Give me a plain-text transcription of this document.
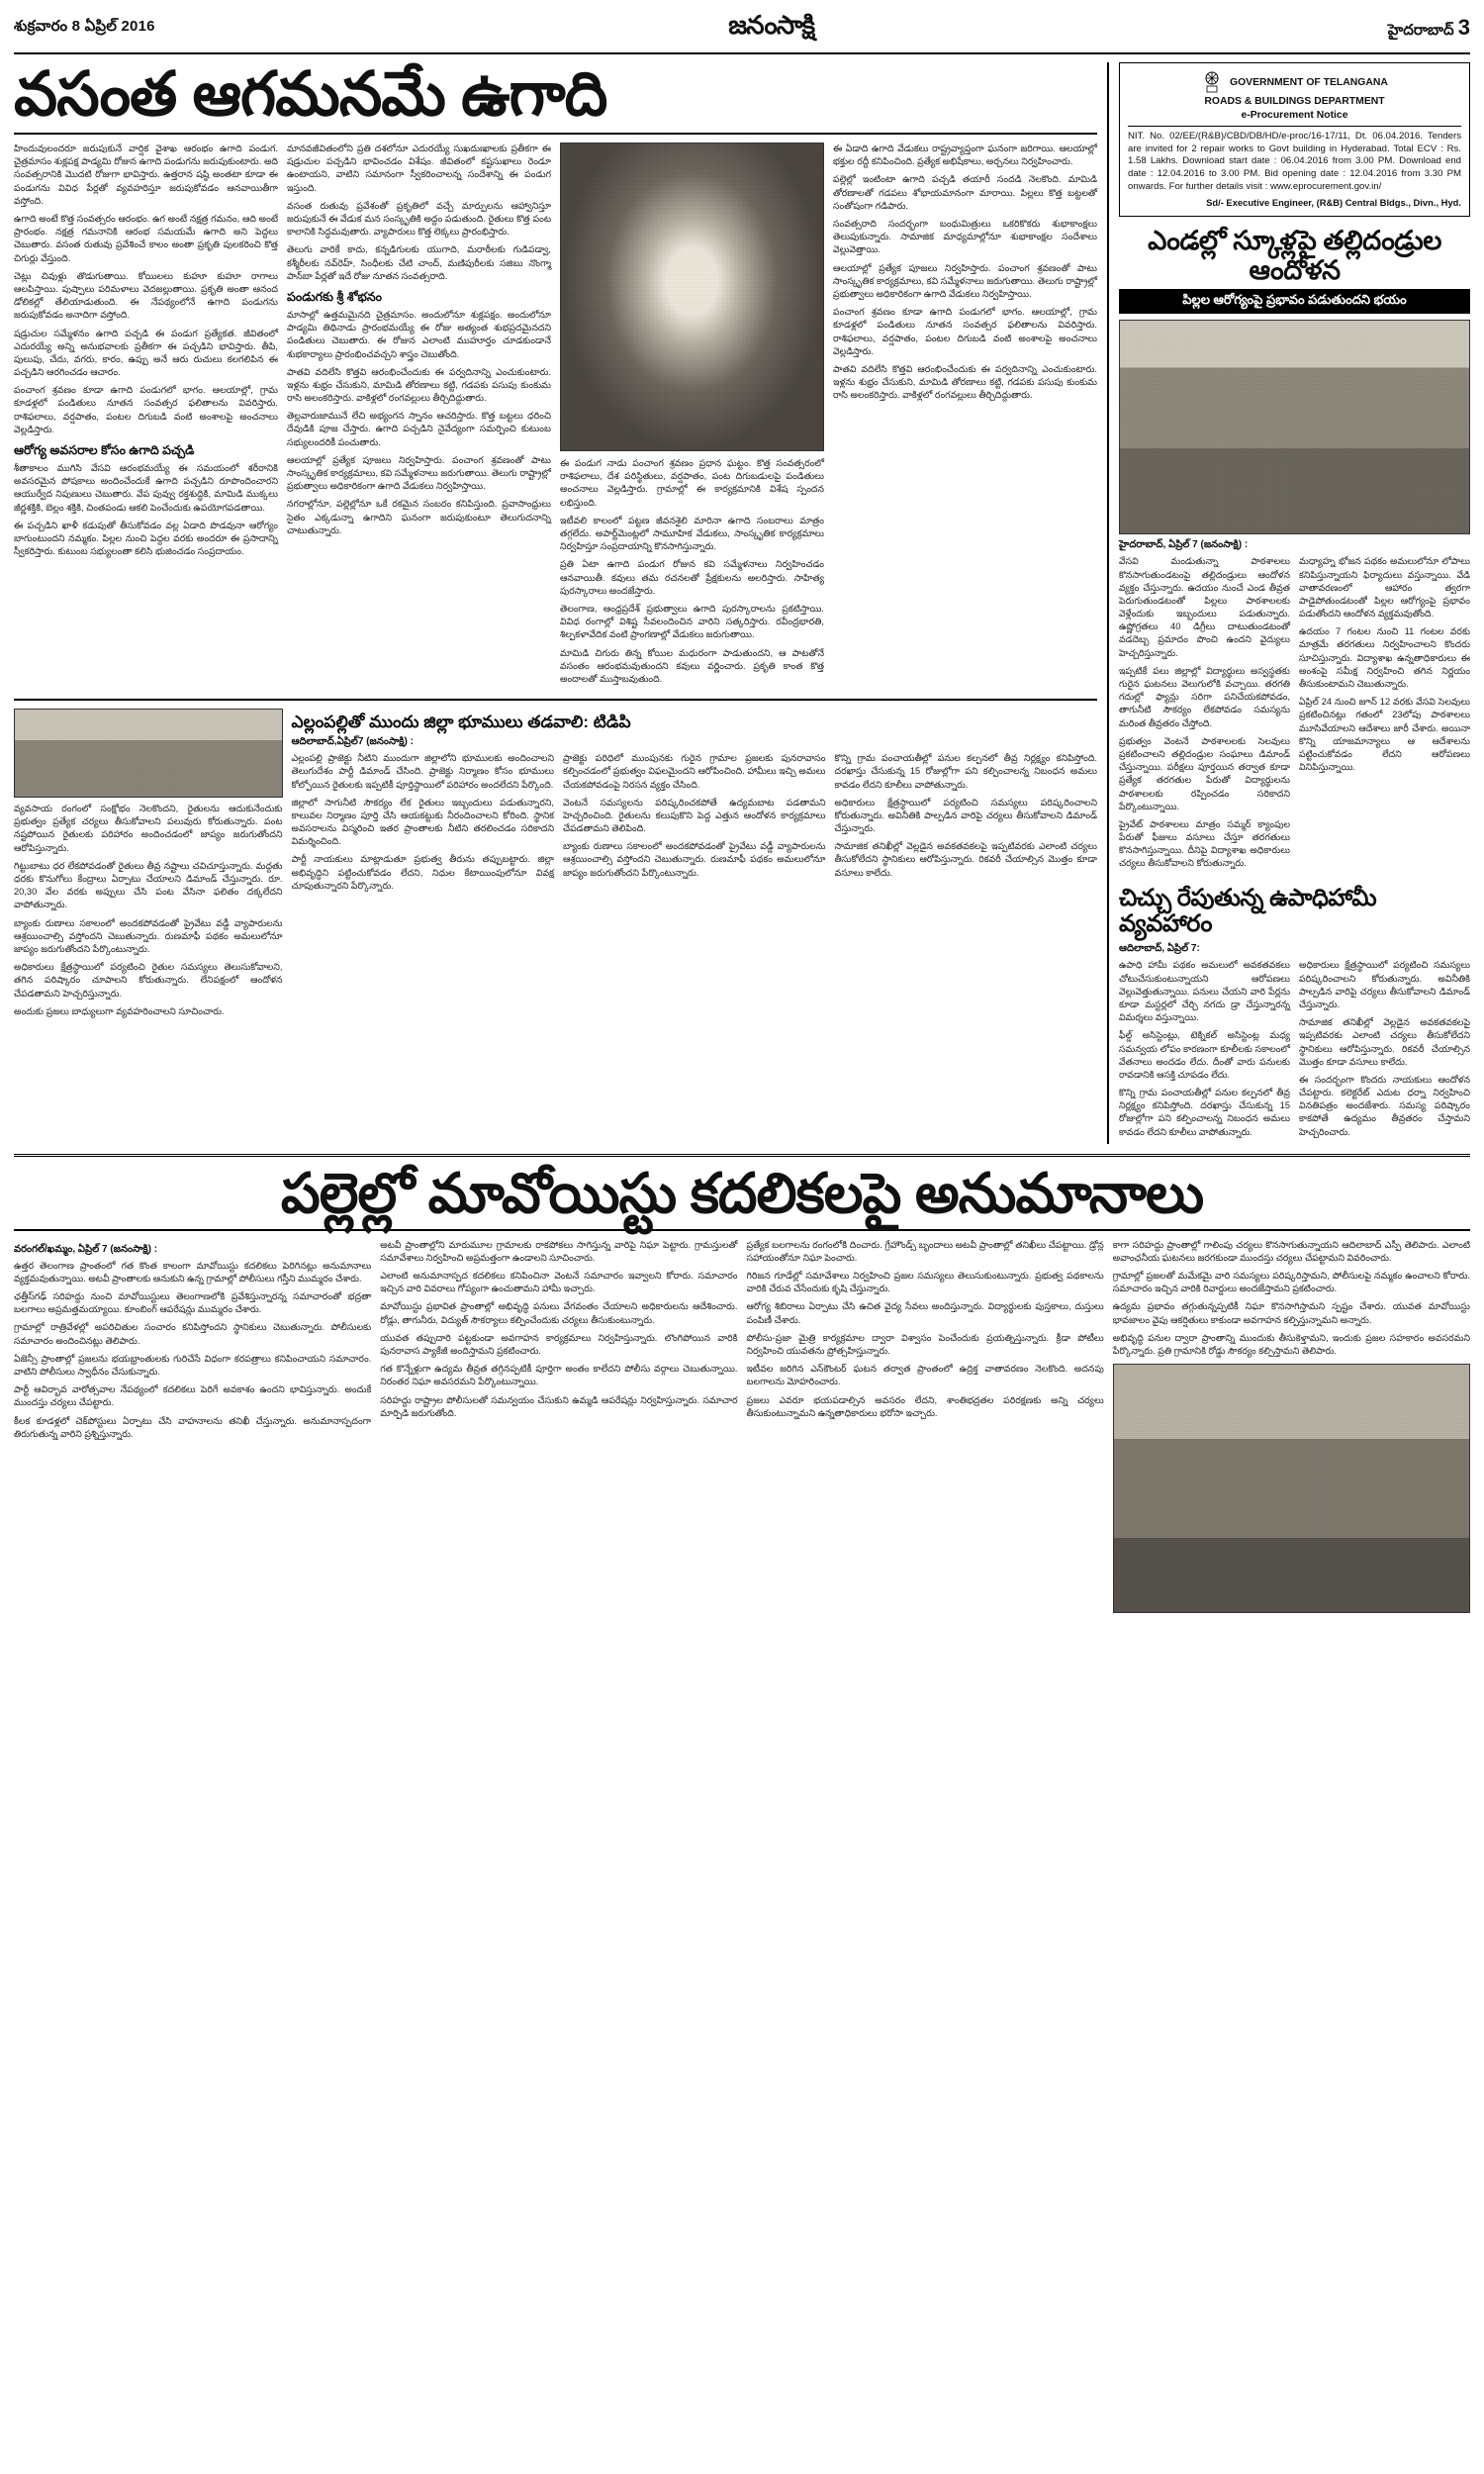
శుక్రవారం 8 ఏప్రిల్ 2016	జనంసాక్షి	హైదరాబాద్ 3
వసంత ఆగమనమే ఉగాది

హిందువులందరూ జరుపుకునే వార్షిక వైశాఖ ఆరంభం ఉగాది పండుగ. చైత్రమాసం శుక్లపక్ష పాడ్యమి రోజున ఉగాది పండుగను జరుపుకుంటారు. అది సంవత్సరానికి మొదటి రోజుగా భావిస్తారు. ఉత్తరాన షష్ఠి అంతటా కూడా ఈ పండుగను వివిధ పేర్లతో వ్యవహరిస్తూ జరుపుకోవడం ఆనవాయితీగా వస్తోంది.

ఉగాది అంటే కొత్త సంవత్సరం ఆరంభం. ఉగ అంటే నక్షత్ర గమనం, ఆది అంటే ప్రారంభం. నక్షత్ర గమనానికి ఆరంభ సమయమే ఉగాది అని పెద్దలు చెబుతారు. వసంత రుతువు ప్రవేశించే కాలం అంతా ప్రకృతి పులకరించి కొత్త చిగుర్లు వేస్తుంది.

చెట్లు చివుళ్లు తొడుగుతాయి. కోయిలలు కుహూ కుహూ రాగాలు ఆలపిస్తాయి. పుష్పాలు పరిమళాలు వెదజల్లుతాయి. ప్రకృతి అంతా ఆనంద డోలికల్లో తేలియాడుతుంది. ఈ నేపథ్యంలోనే ఉగాది పండుగను జరుపుకోవడం అనాదిగా వస్తోంది.

షడ్రుచుల సమ్మేళనం ఉగాది పచ్చడి ఈ పండుగ ప్రత్యేకత. జీవితంలో ఎదురయ్యే అన్ని అనుభవాలకు ప్రతీకగా ఈ పచ్చడిని భావిస్తారు. తీపి, పులుపు, చేదు, వగరు, కారం, ఉప్పు అనే ఆరు రుచులు కలగలిపిన ఈ పచ్చడిని ఆరగించడం ఆచారం.

పంచాంగ శ్రవణం కూడా ఉగాది పండుగలో భాగం. ఆలయాల్లో, గ్రామ కూడళ్లలో పండితులు నూతన సంవత్సర ఫలితాలను వివరిస్తారు. రాశిఫలాలు, వర్షపాతం, పంటల దిగుబడి వంటి అంశాలపై అంచనాలు వెల్లడిస్తారు.

ఆరోగ్య అవసరాల కోసం ఉగాది పచ్చడి

శీతాకాలం ముగిసి వేసవి ఆరంభమయ్యే ఈ సమయంలో శరీరానికి అవసరమైన పోషకాలు అందించేందుకే ఉగాది పచ్చడిని రూపొందించారని ఆయుర్వేద నిపుణులు చెబుతారు. వేప పువ్వు రక్తశుద్ధికి, మామిడి ముక్కలు జీర్ణశక్తికి, బెల్లం శక్తికి, చింతపండు ఆకలి పెంచేందుకు ఉపయోగపడతాయి.

ఈ పచ్చడిని ఖాళీ కడుపుతో తీసుకోవడం వల్ల ఏడాది పొడవునా ఆరోగ్యం బాగుంటుందని నమ్మకం. పిల్లల నుంచి పెద్దల వరకు అందరూ ఈ ప్రసాదాన్ని స్వీకరిస్తారు. కుటుంబ సభ్యులంతా కలిసి భుజించడం సంప్రదాయం.

మానవజీవితంలోని ప్రతి దశలోనూ ఎదురయ్యే సుఖదుఃఖాలకు ప్రతీకగా ఈ షడ్రుచుల పచ్చడిని భావించడం విశేషం. జీవితంలో కష్టసుఖాలు రెండూ ఉంటాయని, వాటిని సమానంగా స్వీకరించాలన్న సందేశాన్ని ఈ పండుగ ఇస్తుంది.

వసంత రుతువు ప్రవేశంతో ప్రకృతిలో వచ్చే మార్పులను ఆహ్వానిస్తూ జరుపుకునే ఈ వేడుక మన సంస్కృతికి అద్దం పడుతుంది. రైతులు కొత్త పంట కాలానికి సిద్ధమవుతారు. వ్యాపారులు కొత్త లెక్కలు ప్రారంభిస్తారు.

తెలుగు వారికే కాదు, కన్నడిగులకు యుగాది, మరాఠీలకు గుడిపడ్వా, కశ్మీరీలకు నవ్‌రెహ్, సింధీలకు చేటి చాంద్, మణిపురీలకు సజిబు నొంగ్మా పాన్‌బా పేర్లతో ఇదే రోజు నూతన సంవత్సరాది.

పండుగకు శ్రీ శోభనం

మాసాల్లో ఉత్తమమైనది చైత్రమాసం. అందులోనూ శుక్లపక్షం. అందులోనూ పాడ్యమి తిథినాడు ప్రారంభమయ్యే ఈ రోజు అత్యంత శుభప్రదమైనదని పండితులు చెబుతారు. ఈ రోజున ఎలాంటి ముహూర్తం చూడకుండానే శుభకార్యాలు ప్రారంభించవచ్చని శాస్త్రం చెబుతోంది.

పాతవి వదిలేసి కొత్తవి ఆరంభించేందుకు ఈ పర్వదినాన్ని ఎంచుకుంటారు. ఇళ్లను శుభ్రం చేసుకుని, మామిడి తోరణాలు కట్టి, గడపకు పసుపు కుంకుమ రాసి అలంకరిస్తారు. వాకిళ్లలో రంగవల్లులు తీర్చిదిద్దుతారు.

తెల్లవారుజామునే లేచి అభ్యంగన స్నానం ఆచరిస్తారు. కొత్త బట్టలు ధరించి దేవుడికి పూజ చేస్తారు. ఉగాది పచ్చడిని నైవేద్యంగా సమర్పించి కుటుంబ సభ్యులందరికీ పంచుతారు.

ఆలయాల్లో ప్రత్యేక పూజలు నిర్వహిస్తారు. పంచాంగ శ్రవణంతో పాటు సాంస్కృతిక కార్యక్రమాలు, కవి సమ్మేళనాలు జరుగుతాయి. తెలుగు రాష్ట్రాల్లో ప్రభుత్వాలు అధికారికంగా ఉగాది వేడుకలు నిర్వహిస్తాయి.

నగరాల్లోనూ, పల్లెల్లోనూ ఒకే రకమైన సంబరం కనిపిస్తుంది. ప్రవాసాంధ్రులు సైతం ఎక్కడున్నా ఉగాదిని ఘనంగా జరుపుకుంటూ తెలుగుదనాన్ని చాటుతున్నారు.

ఈ పండుగ నాడు పంచాంగ శ్రవణం ప్రధాన ఘట్టం. కొత్త సంవత్సరంలో రాశిఫలాలు, దేశ పరిస్థితులు, వర్షపాతం, పంట దిగుబడులపై పండితులు అంచనాలు వెల్లడిస్తారు. గ్రామాల్లో ఈ కార్యక్రమానికి విశేష స్పందన లభిస్తుంది.

ఇటీవలి కాలంలో పట్టణ జీవనశైలి మారినా ఉగాది సంబరాలు మాత్రం తగ్గలేదు. అపార్ట్‌మెంట్లలో సామూహిక వేడుకలు, సాంస్కృతిక కార్యక్రమాలు నిర్వహిస్తూ సంప్రదాయాన్ని కొనసాగిస్తున్నారు.

ప్రతి ఏటా ఉగాది పండుగ రోజున కవి సమ్మేళనాలు నిర్వహించడం ఆనవాయితీ. కవులు తమ రచనలతో ప్రేక్షకులను అలరిస్తారు. సాహిత్య పురస్కారాలు అందజేస్తారు.

తెలంగాణ, ఆంధ్రప్రదేశ్ ప్రభుత్వాలు ఉగాది పురస్కారాలను ప్రకటిస్తాయి. వివిధ రంగాల్లో విశిష్ట సేవలందించిన వారిని సత్కరిస్తారు. రవీంద్రభారతి, శిల్పకళావేదిక వంటి ప్రాంగణాల్లో వేడుకలు జరుగుతాయి.

మామిడి చిగురు తిన్న కోయిల మధురంగా పాడుతుందని, ఆ పాటతోనే వసంతం ఆరంభమవుతుందని కవులు వర్ణించారు. ప్రకృతి కాంత కొత్త అందాలతో ముస్తాబవుతుంది.

ఈ ఏడాది ఉగాది వేడుకలు రాష్ట్రవ్యాప్తంగా ఘనంగా జరిగాయి. ఆలయాల్లో భక్తుల రద్దీ కనిపించింది. ప్రత్యేక అభిషేకాలు, అర్చనలు నిర్వహించారు.

పల్లెల్లో ఇంటింటా ఉగాది పచ్చడి తయారీ సందడి నెలకొంది. మామిడి తోరణాలతో గడపలు శోభాయమానంగా మారాయి. పిల్లలు కొత్త బట్టలతో సంతోషంగా గడిపారు.

సంవత్సరాది సందర్భంగా బంధుమిత్రులు ఒకరికొకరు శుభాకాంక్షలు తెలుపుకున్నారు. సామాజిక మాధ్యమాల్లోనూ శుభాకాంక్షల సందేశాలు వెల్లువెత్తాయి.

ఆలయాల్లో ప్రత్యేక పూజలు నిర్వహిస్తారు. పంచాంగ శ్రవణంతో పాటు సాంస్కృతిక కార్యక్రమాలు, కవి సమ్మేళనాలు జరుగుతాయి. తెలుగు రాష్ట్రాల్లో ప్రభుత్వాలు అధికారికంగా ఉగాది వేడుకలు నిర్వహిస్తాయి.

పంచాంగ శ్రవణం కూడా ఉగాది పండుగలో భాగం. ఆలయాల్లో, గ్రామ కూడళ్లలో పండితులు నూతన సంవత్సర ఫలితాలను వివరిస్తారు. రాశిఫలాలు, వర్షపాతం, పంటల దిగుబడి వంటి అంశాలపై అంచనాలు వెల్లడిస్తారు.

పాతవి వదిలేసి కొత్తవి ఆరంభించేందుకు ఈ పర్వదినాన్ని ఎంచుకుంటారు. ఇళ్లను శుభ్రం చేసుకుని, మామిడి తోరణాలు కట్టి, గడపకు పసుపు కుంకుమ రాసి అలంకరిస్తారు. వాకిళ్లలో రంగవల్లులు తీర్చిదిద్దుతారు.

వ్యవసాయ రంగంలో సంక్షోభం నెలకొందని, రైతులను ఆదుకునేందుకు ప్రభుత్వం ప్రత్యేక చర్యలు తీసుకోవాలని పలువురు కోరుతున్నారు. పంట నష్టపోయిన రైతులకు పరిహారం అందించడంలో జాప్యం జరుగుతోందని ఆరోపిస్తున్నారు.

గిట్టుబాటు ధర లేకపోవడంతో రైతులు తీవ్ర నష్టాలు చవిచూస్తున్నారు. మద్దతు ధరకు కొనుగోలు కేంద్రాలు ఏర్పాటు చేయాలని డిమాండ్ చేస్తున్నారు. రూ. 20,30 వేల వరకు అప్పులు చేసి పంట వేసినా ఫలితం దక్కలేదని వాపోతున్నారు.

బ్యాంకు రుణాలు సకాలంలో అందకపోవడంతో ప్రైవేటు వడ్డీ వ్యాపారులను ఆశ్రయించాల్సి వస్తోందని చెబుతున్నారు. రుణమాఫీ పథకం అమలులోనూ జాప్యం జరుగుతోందని పేర్కొంటున్నారు.

అధికారులు క్షేత్రస్థాయిలో పర్యటించి రైతుల సమస్యలు తెలుసుకోవాలని, తగిన పరిష్కారం చూపాలని కోరుతున్నారు. లేనిపక్షంలో ఆందోళన చేపడతామని హెచ్చరిస్తున్నారు.

అందుకు ప్రజలు బాధ్యులుగా వ్యవహరించాలని సూచించారు.

ఎల్లంపల్లితో ముందు జిల్లా భూములు తడవాలి: టిడిపి
ఆదిలాబాద్,ఏప్రిల్7 (జనంసాక్షి) :

ఎల్లంపల్లి ప్రాజెక్టు నీటిని ముందుగా జిల్లాలోని భూములకు అందించాలని తెలుగుదేశం పార్టీ డిమాండ్ చేసింది. ప్రాజెక్టు నిర్మాణం కోసం భూములు కోల్పోయిన రైతులకు ఇప్పటికీ పూర్తిస్థాయిలో పరిహారం అందలేదని పేర్కొంది.

జిల్లాలో సాగునీటి సౌకర్యం లేక రైతులు ఇబ్బందులు పడుతున్నారని, కాలువల నిర్మాణం పూర్తి చేసి ఆయకట్టుకు నీరందించాలని కోరింది. స్థానిక అవసరాలను విస్మరించి ఇతర ప్రాంతాలకు నీటిని తరలించడం సరికాదని విమర్శించింది.

పార్టీ నాయకులు మాట్లాడుతూ ప్రభుత్వ తీరును తప్పుబట్టారు. జిల్లా అభివృద్ధిని పట్టించుకోవడం లేదని, నిధుల కేటాయింపులోనూ వివక్ష చూపుతున్నారని పేర్కొన్నారు.

ప్రాజెక్టు పరిధిలో ముంపునకు గురైన గ్రామాల ప్రజలకు పునరావాసం కల్పించడంలో ప్రభుత్వం విఫలమైందని ఆరోపించింది. హామీలు ఇచ్చి అమలు చేయకపోవడంపై నిరసన వ్యక్తం చేసింది.

వెంటనే సమస్యలను పరిష్కరించకపోతే ఉద్యమబాట పడతామని హెచ్చరించింది. రైతులను కలుపుకొని పెద్ద ఎత్తున ఆందోళన కార్యక్రమాలు చేపడతామని తెలిపింది.

బ్యాంకు రుణాలు సకాలంలో అందకపోవడంతో ప్రైవేటు వడ్డీ వ్యాపారులను ఆశ్రయించాల్సి వస్తోందని చెబుతున్నారు. రుణమాఫీ పథకం అమలులోనూ జాప్యం జరుగుతోందని పేర్కొంటున్నారు.

కొన్ని గ్రామ పంచాయతీల్లో పనుల కల్పనలో తీవ్ర నిర్లక్ష్యం కనిపిస్తోంది. దరఖాస్తు చేసుకున్న 15 రోజుల్లోగా పని కల్పించాలన్న నిబంధన అమలు కావడం లేదని కూలీలు వాపోతున్నారు.

అధికారులు క్షేత్రస్థాయిలో పర్యటించి సమస్యలు పరిష్కరించాలని కోరుతున్నారు. అవినీతికి పాల్పడిన వారిపై చర్యలు తీసుకోవాలని డిమాండ్ చేస్తున్నారు.

సామాజిక తనిఖీల్లో వెల్లడైన అవకతవకలపై ఇప్పటివరకు ఎలాంటి చర్యలు తీసుకోలేదని స్థానికులు ఆరోపిస్తున్నారు. రికవరీ చేయాల్సిన మొత్తం కూడా వసూలు కాలేదు.

GOVERNMENT OF TELANGANA
ROADS & BUILDINGS DEPARTMENT
e-Procurement Notice

NIT. No. 02/EE/(R&B)/CBD/DB/HD/e-proc/16-17/11, Dt. 06.04.2016. Tenders are invited for 2 repair works to Govt building in Hyderabad. Total ECV : Rs. 1.58 Lakhs. Download start date : 06.04.2016 from 3.00 PM. Download end date : 12.04.2016 to 3.00 PM. Bid opening date : 12.04.2016 from 3.30 PM onwards. For further details visit : www.eprocurement.gov.in/

Sd/- Executive Engineer, (R&B) Central Bldgs., Divn., Hyd.
ఎండల్లో స్కూళ్లపై తల్లిదండ్రుల ఆందోళన
పిల్లల ఆరోగ్యంపై ప్రభావం పడుతుందని భయం
హైదరాబాద్, ఏప్రిల్ 7 (జనంసాక్షి) :

వేసవి మండుతున్నా పాఠశాలలు కొనసాగుతుండటంపై తల్లిదండ్రులు ఆందోళన వ్యక్తం చేస్తున్నారు. ఉదయం నుంచే ఎండ తీవ్రత పెరుగుతుండటంతో పిల్లలు పాఠశాలలకు వెళ్లేందుకు ఇబ్బందులు పడుతున్నారు. ఉష్ణోగ్రతలు 40 డిగ్రీలు దాటుతుండటంతో వడదెబ్బ ప్రమాదం పొంచి ఉందని వైద్యులు హెచ్చరిస్తున్నారు.

ఇప్పటికే పలు జిల్లాల్లో విద్యార్థులు అస్వస్థతకు గురైన ఘటనలు వెలుగులోకి వచ్చాయి. తరగతి గదుల్లో ఫ్యాన్లు సరిగా పనిచేయకపోవడం, తాగునీటి సౌకర్యం లేకపోవడం సమస్యను మరింత తీవ్రతరం చేస్తోంది.

ప్రభుత్వం వెంటనే పాఠశాలలకు సెలవులు ప్రకటించాలని తల్లిదండ్రుల సంఘాలు డిమాండ్ చేస్తున్నాయి. పరీక్షలు పూర్తయిన తర్వాత కూడా ప్రత్యేక తరగతుల పేరుతో విద్యార్థులను పాఠశాలలకు రప్పించడం సరికాదని పేర్కొంటున్నాయి.

ప్రైవేట్ పాఠశాలలు మాత్రం సమ్మర్ క్యాంపుల పేరుతో ఫీజులు వసూలు చేస్తూ తరగతులు కొనసాగిస్తున్నాయి. దీనిపై విద్యాశాఖ అధికారులు చర్యలు తీసుకోవాలని కోరుతున్నారు.

మధ్యాహ్న భోజన పథకం అమలులోనూ లోపాలు కనిపిస్తున్నాయని ఫిర్యాదులు వస్తున్నాయి. వేడి వాతావరణంలో ఆహారం త్వరగా పాడైపోతుండటంతో పిల్లల ఆరోగ్యంపై ప్రభావం పడుతోందని ఆందోళన వ్యక్తమవుతోంది.

ఉదయం 7 గంటల నుంచి 11 గంటల వరకు మాత్రమే తరగతులు నిర్వహించాలని కొందరు సూచిస్తున్నారు. విద్యాశాఖ ఉన్నతాధికారులు ఈ అంశంపై సమీక్ష నిర్వహించి తగిన నిర్ణయం తీసుకుంటామని చెబుతున్నారు.

ఏప్రిల్ 24 నుంచి జూన్ 12 వరకు వేసవి సెలవులు ప్రకటించినట్లు గతంలో 23లోపు పాఠశాలలు మూసివేయాలని ఆదేశాలు జారీ చేశారు. అయినా కొన్ని యాజమాన్యాలు ఆ ఆదేశాలను పట్టించుకోవడం లేదని ఆరోపణలు వినిపిస్తున్నాయి.

చిచ్చు రేపుతున్న ఉపాధిహామీ వ్యవహారం
ఆదిలాబాద్, ఏప్రిల్ 7:

ఉపాధి హామీ పథకం అమలులో అవకతవకలు చోటుచేసుకుంటున్నాయని ఆరోపణలు వెల్లువెత్తుతున్నాయి. పనులు చేయని వారి పేర్లను కూడా మస్టర్లలో చేర్చి నగదు డ్రా చేస్తున్నారన్న విమర్శలు వస్తున్నాయి.

ఫీల్డ్ అసిస్టెంట్లు, టెక్నికల్ అసిస్టెంట్ల మధ్య సమన్వయ లోపం కారణంగా కూలీలకు సకాలంలో వేతనాలు అందడం లేదు. దీంతో వారు పనులకు రావడానికి ఆసక్తి చూపడం లేదు.

కొన్ని గ్రామ పంచాయతీల్లో పనుల కల్పనలో తీవ్ర నిర్లక్ష్యం కనిపిస్తోంది. దరఖాస్తు చేసుకున్న 15 రోజుల్లోగా పని కల్పించాలన్న నిబంధన అమలు కావడం లేదని కూలీలు వాపోతున్నారు.

అధికారులు క్షేత్రస్థాయిలో పర్యటించి సమస్యలు పరిష్కరించాలని కోరుతున్నారు. అవినీతికి పాల్పడిన వారిపై చర్యలు తీసుకోవాలని డిమాండ్ చేస్తున్నారు.

సామాజిక తనిఖీల్లో వెల్లడైన అవకతవకలపై ఇప్పటివరకు ఎలాంటి చర్యలు తీసుకోలేదని స్థానికులు ఆరోపిస్తున్నారు. రికవరీ చేయాల్సిన మొత్తం కూడా వసూలు కాలేదు.

ఈ సందర్భంగా కొందరు నాయకులు ఆందోళన చేపట్టారు. కలెక్టరేట్ ఎదుట ధర్నా నిర్వహించి వినతిపత్రం అందజేశారు. సమస్య పరిష్కారం కాకపోతే ఉద్యమం తీవ్రతరం చేస్తామని హెచ్చరించారు.

పల్లెల్లో మావోయిస్టు కదలికలపై అనుమానాలు
వరంగల్/ఖమ్మం, ఏప్రిల్ 7 (జనంసాక్షి) :

ఉత్తర తెలంగాణ ప్రాంతంలో గత కొంత కాలంగా మావోయిస్టు కదలికలు పెరిగినట్లు అనుమానాలు వ్యక్తమవుతున్నాయి. అటవీ ప్రాంతాలకు ఆనుకుని ఉన్న గ్రామాల్లో పోలీసులు గస్తీని ముమ్మరం చేశారు.

ఛత్తీస్‌గఢ్ సరిహద్దు నుంచి మావోయిస్టులు తెలంగాణలోకి ప్రవేశిస్తున్నారన్న సమాచారంతో భద్రతా బలగాలు అప్రమత్తమయ్యాయి. కూంబింగ్ ఆపరేషన్లు ముమ్మరం చేశారు.

గ్రామాల్లో రాత్రివేళల్లో అపరిచితుల సంచారం కనిపిస్తోందని స్థానికులు చెబుతున్నారు. పోలీసులకు సమాచారం అందించినట్లు తెలిపారు.

ఏజెన్సీ ప్రాంతాల్లో ప్రజలను భయభ్రాంతులకు గురిచేసే విధంగా కరపత్రాలు కనిపించాయని సమాచారం. వాటిని పోలీసులు స్వాధీనం చేసుకున్నారు.

పార్టీ ఆవిర్భావ వారోత్సవాల నేపథ్యంలో కదలికలు పెరిగే అవకాశం ఉందని భావిస్తున్నారు. అందుకే ముందస్తు చర్యలు చేపట్టారు.

కీలక కూడళ్లలో చెక్‌పోస్టులు ఏర్పాటు చేసి వాహనాలను తనిఖీ చేస్తున్నారు. అనుమానాస్పదంగా తిరుగుతున్న వారిని ప్రశ్నిస్తున్నారు.

అటవీ ప్రాంతాల్లోని మారుమూల గ్రామాలకు రాకపోకలు సాగిస్తున్న వారిపై నిఘా పెట్టారు. గ్రామస్తులతో సమావేశాలు నిర్వహించి అప్రమత్తంగా ఉండాలని సూచించారు.

ఎలాంటి అనుమానాస్పద కదలికలు కనిపించినా వెంటనే సమాచారం ఇవ్వాలని కోరారు. సమాచారం ఇచ్చిన వారి వివరాలు గోప్యంగా ఉంచుతామని హామీ ఇచ్చారు.

మావోయిస్టు ప్రభావిత ప్రాంతాల్లో అభివృద్ధి పనులు వేగవంతం చేయాలని అధికారులను ఆదేశించారు. రోడ్లు, తాగునీరు, విద్యుత్ సౌకర్యాలు కల్పించేందుకు చర్యలు తీసుకుంటున్నారు.

యువత తప్పుదారి పట్టకుండా అవగాహన కార్యక్రమాలు నిర్వహిస్తున్నారు. లొంగిపోయిన వారికి పునరావాస ప్యాకేజీ అందిస్తామని ప్రకటించారు.

గత కొన్నేళ్లుగా ఉద్యమ తీవ్రత తగ్గినప్పటికీ పూర్తిగా అంతం కాలేదని పోలీసు వర్గాలు చెబుతున్నాయి. నిరంతర నిఘా అవసరమని పేర్కొంటున్నాయి.

సరిహద్దు రాష్ట్రాల పోలీసులతో సమన్వయం చేసుకుని ఉమ్మడి ఆపరేషన్లు నిర్వహిస్తున్నారు. సమాచార మార్పిడి జరుగుతోంది.

ప్రత్యేక బలగాలను రంగంలోకి దించారు. గ్రేహౌండ్స్ బృందాలు అటవీ ప్రాంతాల్లో తనిఖీలు చేపట్టాయి. డ్రోన్ల సహాయంతోనూ నిఘా పెంచారు.

గిరిజన గూడేల్లో సమావేశాలు నిర్వహించి ప్రజల సమస్యలు తెలుసుకుంటున్నారు. ప్రభుత్వ పథకాలను వారికి చేరువ చేసేందుకు కృషి చేస్తున్నారు.

ఆరోగ్య శిబిరాలు ఏర్పాటు చేసి ఉచిత వైద్య సేవలు అందిస్తున్నారు. విద్యార్థులకు పుస్తకాలు, దుస్తులు పంపిణీ చేశారు.

పోలీసు-ప్రజా మైత్రి కార్యక్రమాల ద్వారా విశ్వాసం పెంచేందుకు ప్రయత్నిస్తున్నారు. క్రీడా పోటీలు నిర్వహించి యువతను ప్రోత్సహిస్తున్నారు.

ఇటీవల జరిగిన ఎన్‌కౌంటర్ ఘటన తర్వాత ప్రాంతంలో ఉద్రిక్త వాతావరణం నెలకొంది. అదనపు బలగాలను మోహరించారు.

ప్రజలు ఎవరూ భయపడాల్సిన అవసరం లేదని, శాంతిభద్రతల పరిరక్షణకు అన్ని చర్యలు తీసుకుంటున్నామని ఉన్నతాధికారులు భరోసా ఇచ్చారు.

కాగా సరిహద్దు ప్రాంతాల్లో గాలింపు చర్యలు కొనసాగుతున్నాయని ఆదిలాబాద్ ఎస్పీ తెలిపారు. ఎలాంటి అవాంఛనీయ ఘటనలు జరగకుండా ముందస్తు చర్యలు చేపట్టామని వివరించారు.

గ్రామాల్లో ప్రజలతో మమేకమై వారి సమస్యలు పరిష్కరిస్తామని, పోలీసులపై నమ్మకం ఉంచాలని కోరారు. సమాచారం ఇచ్చిన వారికి రివార్డులు అందజేస్తామని ప్రకటించారు.

ఉద్యమ ప్రభావం తగ్గుతున్నప్పటికీ నిఘా కొనసాగిస్తామని స్పష్టం చేశారు. యువత మావోయిస్టు భావజాలం వైపు ఆకర్షితులు కాకుండా అవగాహన కల్పిస్తున్నామని అన్నారు.

అభివృద్ధి పనుల ద్వారా ప్రాంతాన్ని ముందుకు తీసుకెళ్తామని, ఇందుకు ప్రజల సహకారం అవసరమని పేర్కొన్నారు. ప్రతి గ్రామానికి రోడ్డు సౌకర్యం కల్పిస్తామని తెలిపారు.
